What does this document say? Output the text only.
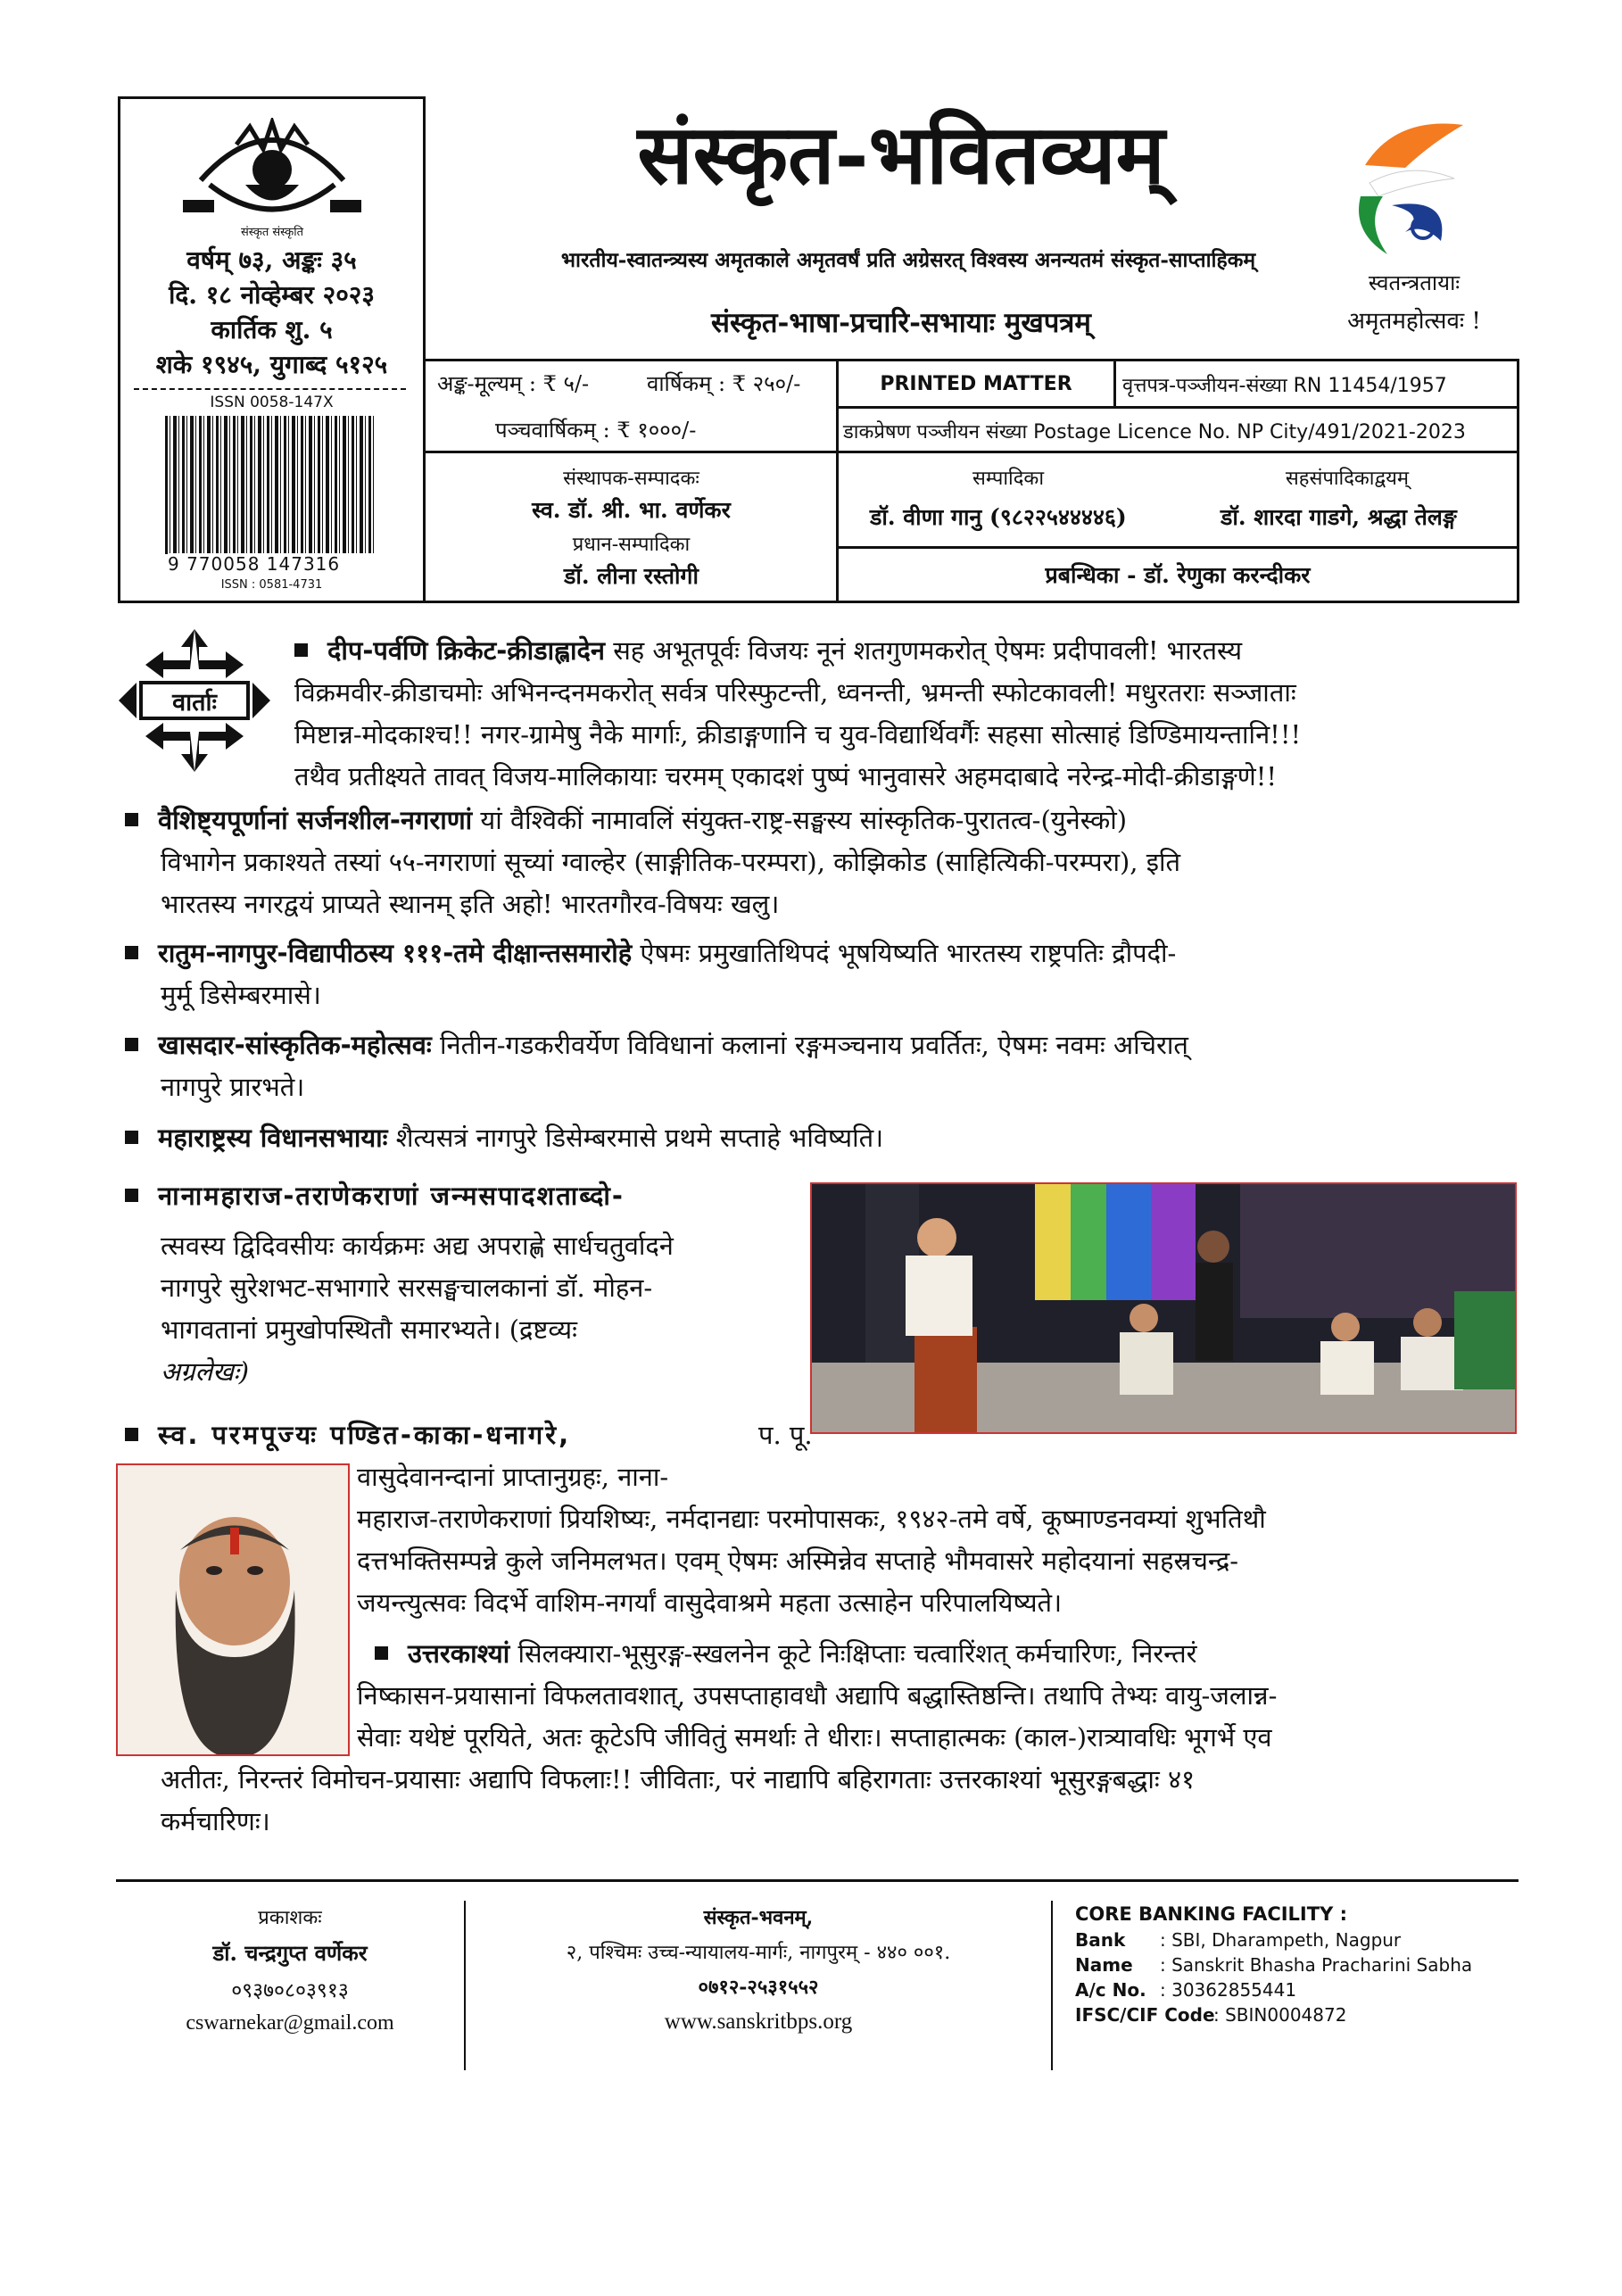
संस्कृत संस्कृति
वर्षम् ७३, अङ्कः ३५
दि. १८ नोव्हेम्बर २०२३
कार्तिक शु. ५
शके १९४५, युगाब्द ५१२५
ISSN 0058-147X
9 770058 147316
ISSN : 0581-4731
संस्कृत-भवितव्यम्
भारतीय-स्वातन्त्र्यस्य अमृतकाले अमृतवर्षं प्रति अग्रेसरत् विश्वस्य अनन्यतमं संस्कृत-साप्ताहिकम्
संस्कृत-भाषा-प्रचारि-सभायाः मुखपत्रम्
स्वतन्त्रतायाः
अमृतमहोत्सवः !
अङ्क-मूल्यम् : ₹ ५/-	वार्षिकम् : ₹ २५०/-
पञ्चवार्षिकम् : ₹ १०००/-
PRINTED MATTER	वृत्तपत्र-पञ्जीयन-संख्या RN 11454/1957
डाकप्रेषण पञ्जीयन संख्या Postage Licence No. NP City/491/2021-2023
संस्थापक-सम्पादकः
स्व. डॉ. श्री. भा. वर्णेकर
प्रधान-सम्पादिका
डॉ. लीना रस्तोगी
सम्पादिका	सहसंपादिकाद्वयम्
डॉ. वीणा गानु (९८२२५४४४४६)	डॉ. शारदा गाडगे, श्रद्धा तेलङ्ग
प्रबन्धिका - डॉ. रेणुका करन्दीकर
वार्ताः
दीप-पर्वणि क्रिकेट-क्रीडाह्लादेन सह अभूतपूर्वः विजयः नूनं शतगुणमकरोत् ऐषमः प्रदीपावली! भारतस्य
विक्रमवीर-क्रीडाचमोः अभिनन्दनमकरोत् सर्वत्र परिस्फुटन्ती, ध्वनन्ती, भ्रमन्ती स्फोटकावली! मधुरतराः सञ्जाताः
मिष्टान्न-मोदकाश्च!! नगर-ग्रामेषु नैके मार्गाः, क्रीडाङ्गणानि च युव-विद्यार्थिवर्गैः सहसा सोत्साहं डिण्डिमायन्तानि!!!
तथैव प्रतीक्ष्यते तावत् विजय-मालिकायाः चरमम् एकादशं पुष्पं भानुवासरे अहमदाबादे नरेन्द्र-मोदी-क्रीडाङ्गणे!!
वैशिष्ट्यपूर्णानां सर्जनशील-नगराणां यां वैश्विकीं नामावलिं संयुक्त-राष्ट्र-सङ्घस्य सांस्कृतिक-पुरातत्व-(युनेस्को)
विभागेन प्रकाश्यते तस्यां ५५-नगराणां सूच्यां ग्वाल्हेर (साङ्गीतिक-परम्परा), कोझिकोड (साहित्यिकी-परम्परा), इति
भारतस्य नगरद्वयं प्राप्यते स्थानम् इति अहो! भारतगौरव-विषयः खलु।
रातुम-नागपुर-विद्यापीठस्य १११-तमे दीक्षान्तसमारोहे ऐषमः प्रमुखातिथिपदं भूषयिष्यति भारतस्य राष्ट्रपतिः द्रौपदी-
मुर्मू डिसेम्बरमासे।
खासदार-सांस्कृतिक-महोत्सवः नितीन-गडकरीवर्येण विविधानां कलानां रङ्गमञ्चनाय प्रवर्तितः, ऐषमः नवमः अचिरात्
नागपुरे प्रारभते।
महाराष्ट्रस्य विधानसभायाः शैत्यसत्रं नागपुरे डिसेम्बरमासे प्रथमे सप्ताहे भविष्यति।
नानामहाराज-तराणेकराणां जन्मसपादशताब्दो-
त्सवस्य द्विदिवसीयः कार्यक्रमः अद्य अपराह्णे सार्धचतुर्वादने
नागपुरे सुरेशभट-सभागारे सरसङ्घचालकानां डॉ. मोहन-
भागवतानां प्रमुखोपस्थितौ समारभ्यते। (द्रष्टव्यः
अग्रलेखः)
स्व. परमपूज्यः पण्डित-काका-धनागरे,	प. पू.
वासुदेवानन्दानां प्राप्तानुग्रहः, नाना-
महाराज-तराणेकराणां प्रियशिष्यः, नर्मदानद्याः परमोपासकः, १९४२-तमे वर्षे, कूष्माण्डनवम्यां शुभतिथौ
दत्तभक्तिसम्पन्ने कुले जनिमलभत। एवम् ऐषमः अस्मिन्नेव सप्ताहे भौमवासरे महोदयानां सहस्रचन्द्र-
जयन्त्युत्सवः विदर्भे वाशिम-नगर्यां वासुदेवाश्रमे महता उत्साहेन परिपालयिष्यते।
उत्तरकाश्यां सिलक्यारा-भूसुरङ्ग-स्खलनेन कूटे निःक्षिप्ताः चत्वारिंशत् कर्मचारिणः, निरन्तरं
निष्कासन-प्रयासानां विफलतावशात्, उपसप्ताहावधौ अद्यापि बद्धास्तिष्ठन्ति। तथापि तेभ्यः वायु-जलान्न-
सेवाः यथेष्टं पूरयिते, अतः कूटेऽपि जीवितुं समर्थाः ते धीराः। सप्ताहात्मकः (काल-)रात्र्यावधिः भूगर्भे एव
अतीतः, निरन्तरं विमोचन-प्रयासाः अद्यापि विफलाः!! जीविताः, परं नाद्यापि बहिरागताः उत्तरकाश्यां भूसुरङ्गबद्धाः ४१
कर्मचारिणः।
प्रकाशकः
डॉ. चन्द्रगुप्त वर्णेकर
०९३७०८०३९१३
cswarnekar@gmail.com
संस्कृत-भवनम्,
२, पश्चिमः उच्च-न्यायालय-मार्गः, नागपुरम् - ४४० ००१.
०७१२-२५३१५५२
www.sanskritbps.org
CORE BANKING FACILITY :
Bank : SBI, Dharampeth, Nagpur
Name : Sanskrit Bhasha Pracharini Sabha
A/c No. : 30362855441
IFSC/CIF Code
: SBIN0004872
